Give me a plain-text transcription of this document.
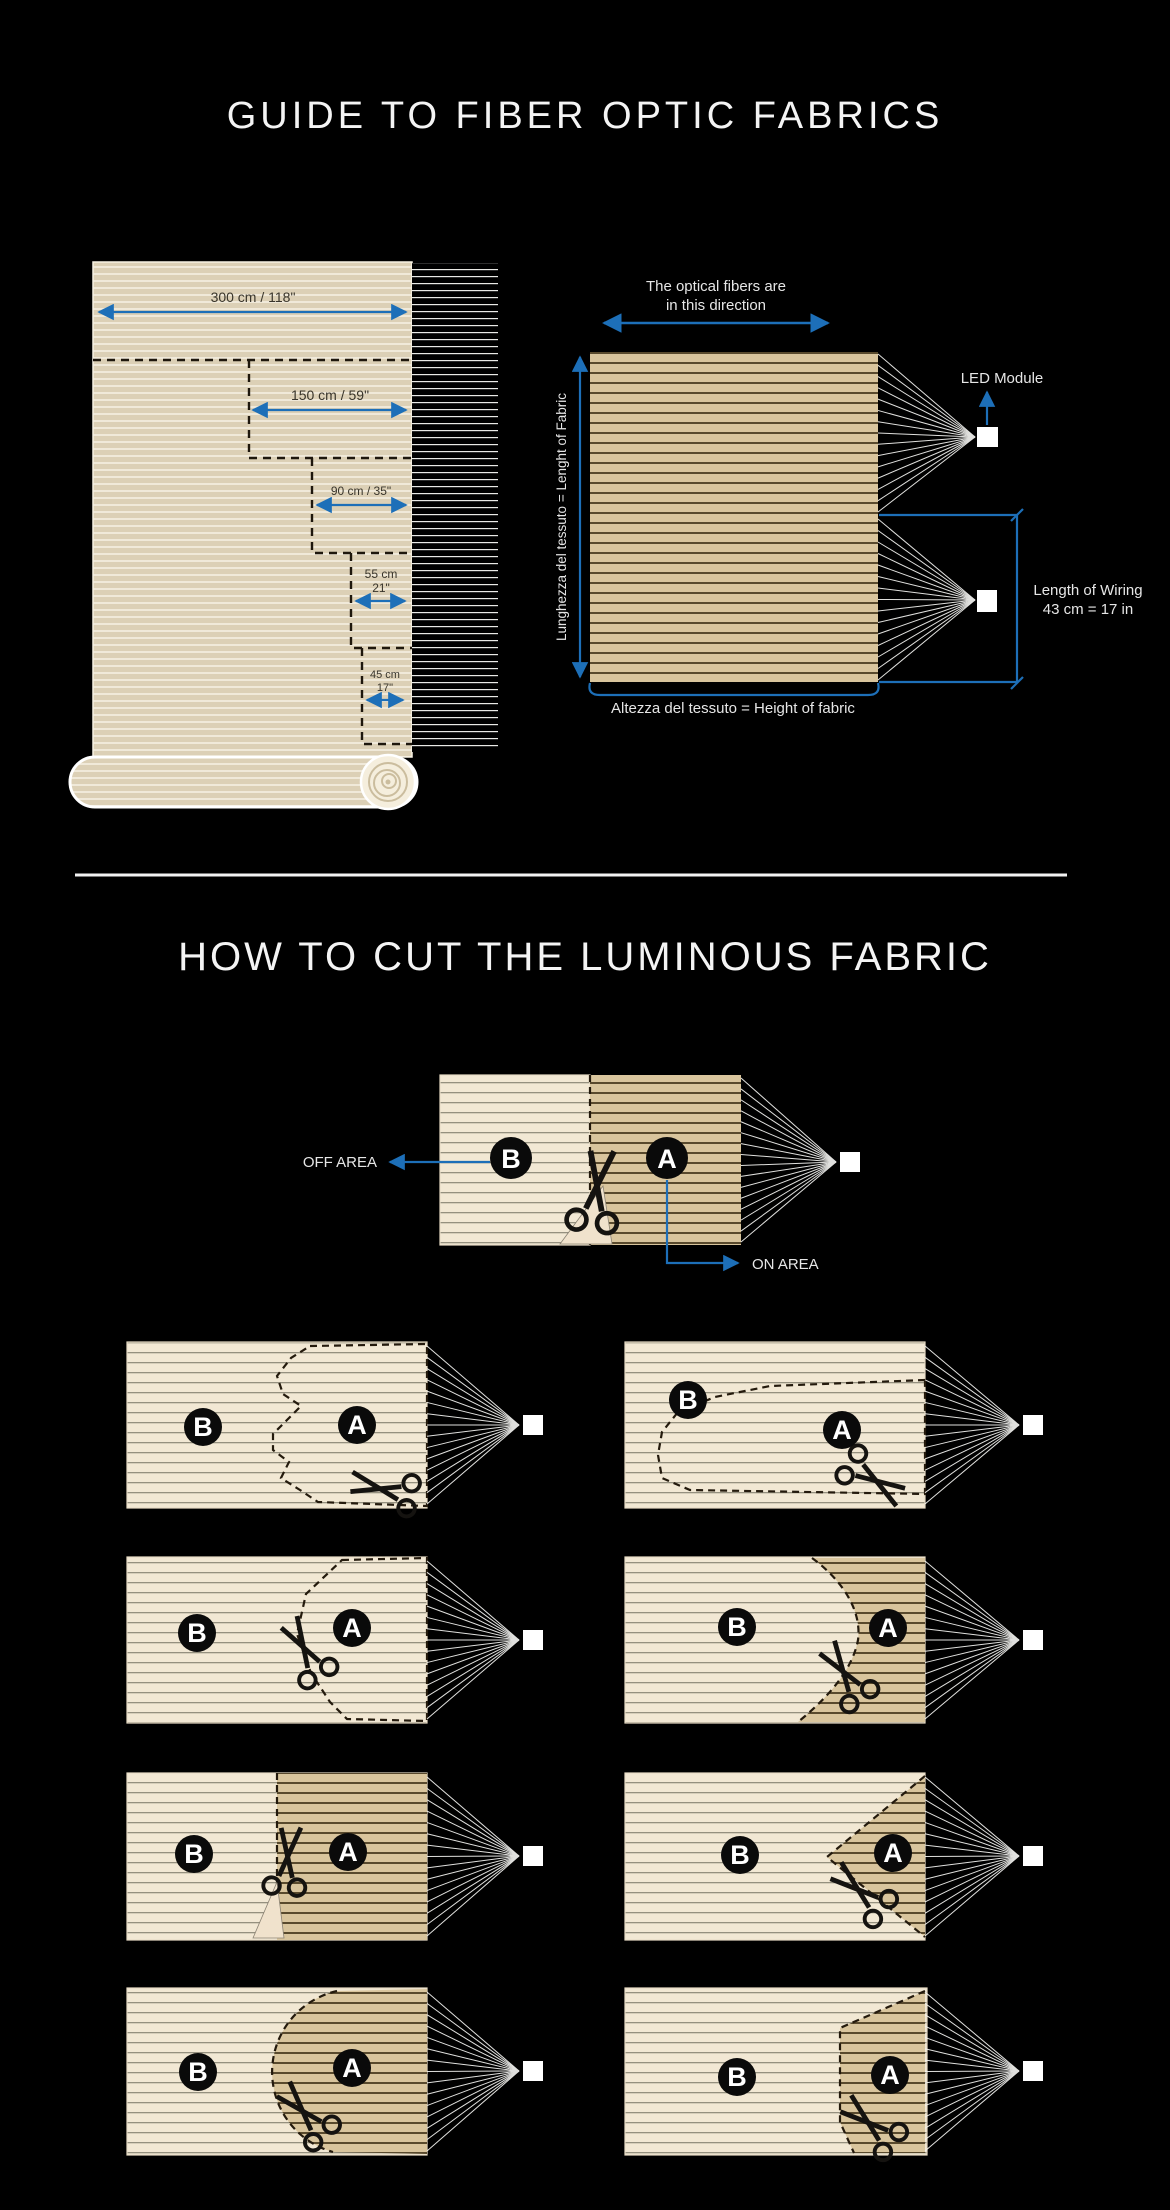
GUIDE TO FIBER OPTIC FABRICS
300 cm / 118"
150 cm / 59"
90 cm / 35"
55 cm
21"
45 cm
17"
The optical fibers are
in this direction
Lunghezza del tessuto = Lenght of Fabric
LED Module
Length of Wiring
43 cm = 17 in
Altezza del tessuto = Height of fabric
HOW TO CUT THE LUMINOUS FABRIC
B	A
OFF AREA
ON AREA
B	A
B
A
B	A	B	A
B	A	B	A
B	A	B	A
